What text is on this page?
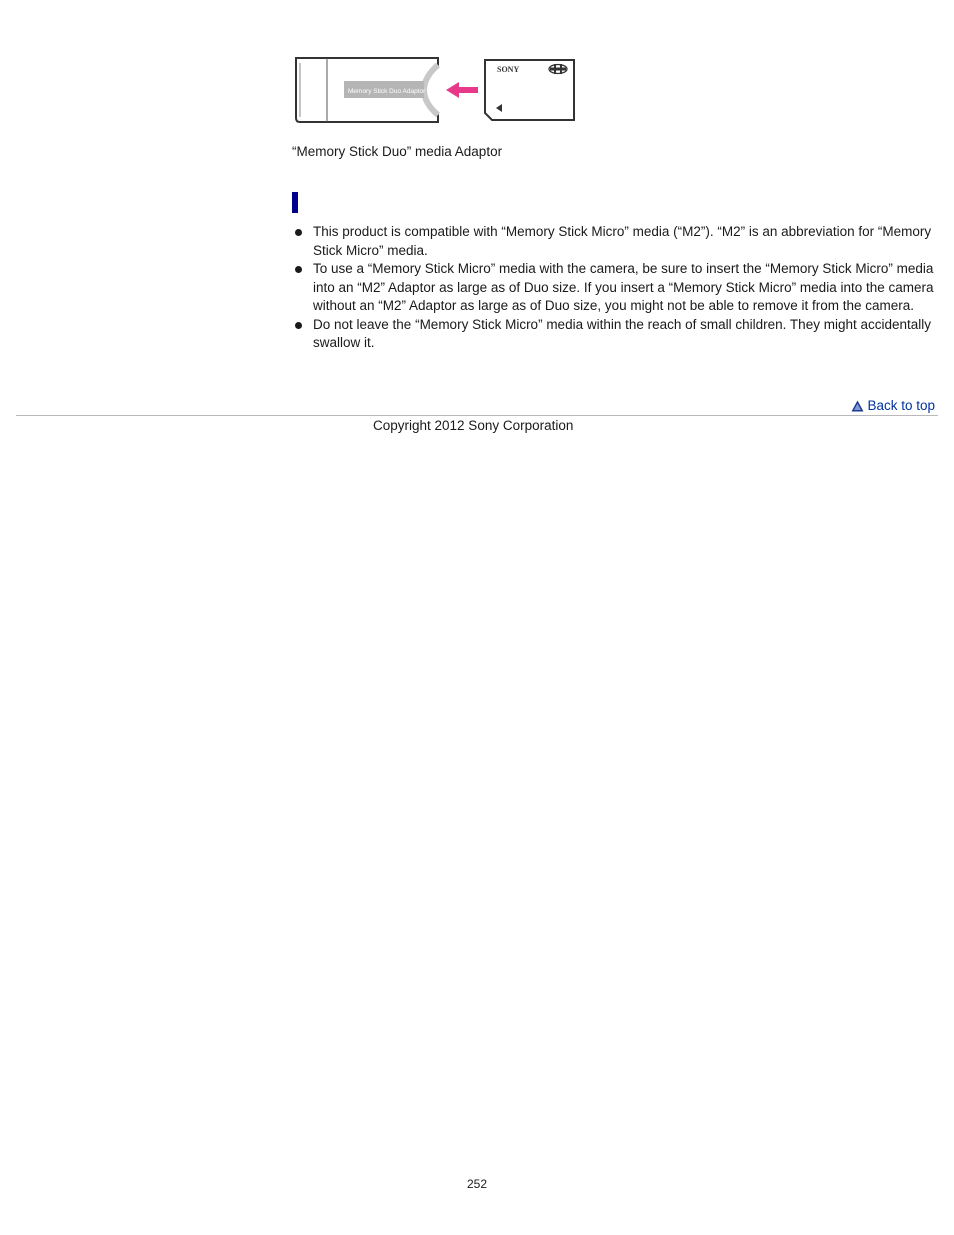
Memory Stick Duo Adaptor
SONY
“Memory Stick Duo” media Adaptor
This product is compatible with “Memory Stick Micro” media (“M2”). “M2” is an abbreviation for “Memory Stick Micro” media.
To use a “Memory Stick Micro” media with the camera, be sure to insert the “Memory Stick Micro” media into an “M2” Adaptor as large as of Duo size. If you insert a “Memory Stick Micro” media into the camera without an “M2” Adaptor as large as of Duo size, you might not be able to remove it from the camera.
Do not leave the “Memory Stick Micro” media within the reach of small children. They might accidentally swallow it.
Back to top
Copyright 2012 Sony Corporation
252
